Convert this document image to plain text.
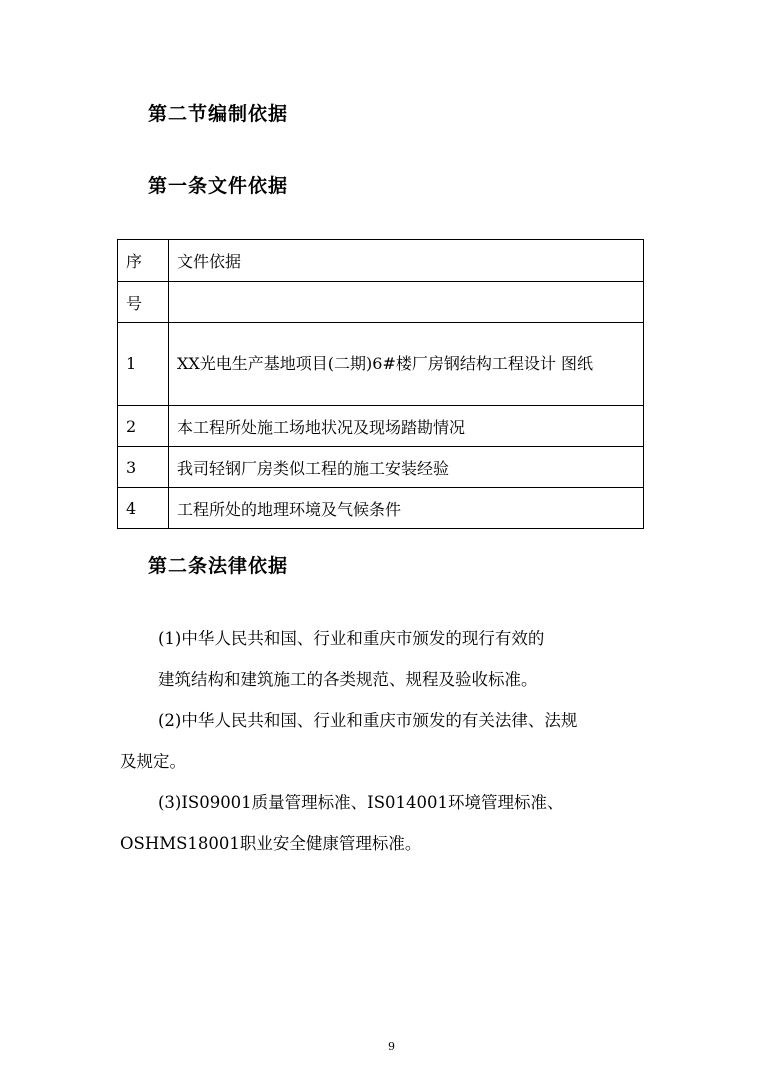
第二节编制依据
第一条文件依据
序	文件依据
号	
1	XX光电生产基地项目(二期)6#楼厂房钢结构工程设计 图纸
2	本工程所处施工场地状况及现场踏勘情况
3	我司轻钢厂房类似工程的施工安装经验
4	工程所处的地理环境及气候条件
第二条法律依据
(1)中华人民共和国、行业和重庆市颁发的现行有效的
建筑结构和建筑施工的各类规范、规程及验收标准。
(2)中华人民共和国、行业和重庆市颁发的有关法律、法规
及规定。
(3)IS09001质量管理标准、IS014001环境管理标准、
OSHMS18001职业安全健康管理标准。
9
